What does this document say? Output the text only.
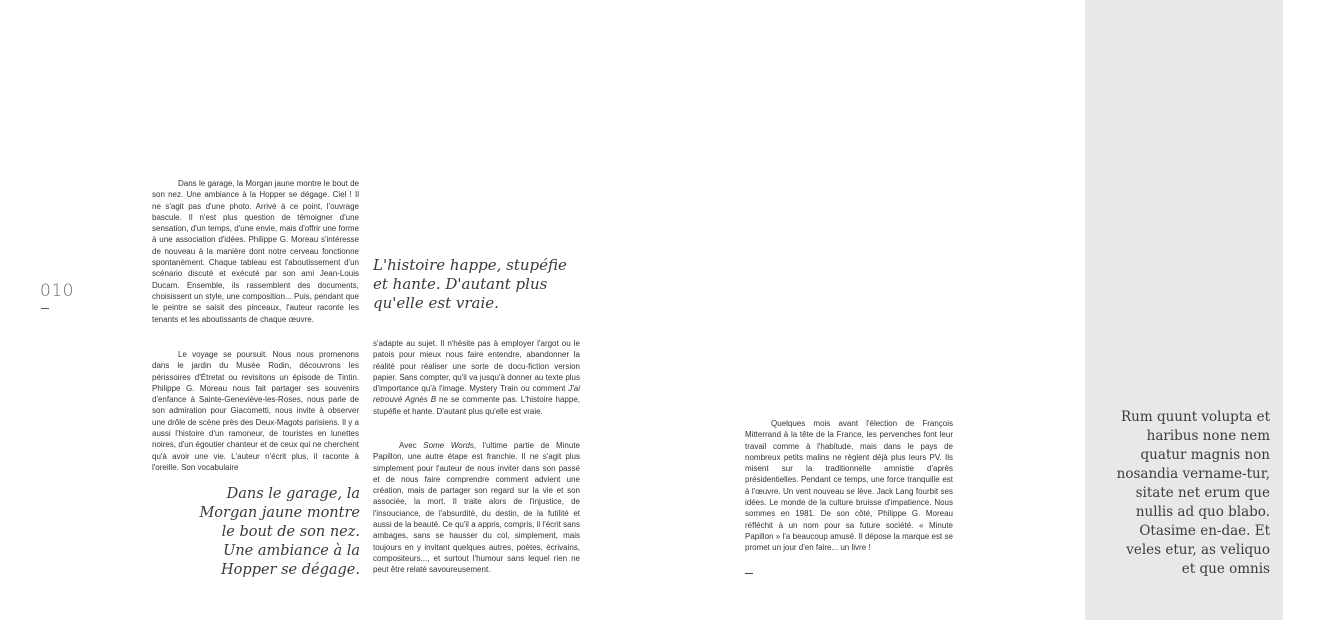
010

Dans le garage, la Morgan jaune montre le bout de son nez. Une ambiance à la Hopper se dégage. Ciel ! Il ne s'agit pas d'une photo. Arrivé à ce point, l'ouvrage bascule. Il n'est plus question de témoigner d'une sensation, d'un temps, d'une envie, mais d'offrir une forme à une association d'idées. Philippe G. Moreau s'intéresse de nouveau à la manière dont notre cerveau fonctionne spontanément. Chaque tableau est l'aboutissement d'un scénario discuté et exécuté par son ami Jean-Louis Ducam. Ensemble, ils rassemblent des documents, choisissent un style, une composition... Puis, pendant que le peintre se saisit des pinceaux, l'auteur raconte les tenants et les aboutissants de chaque œuvre.

Le voyage se poursuit. Nous nous promenons dans le jardin du Musée Rodin, découvrons les périssoires d'Étretat ou revisitons un épisode de Tintin. Philippe G. Moreau nous fait partager ses souvenirs d'enfance à Sainte-Geneviève-les-Roses, nous parle de son admiration pour Giacometti, nous invite à observer une drôle de scène près des Deux-Magots parisiens. Il y a aussi l'histoire d'un ramoneur, de touristes en lunettes noires, d'un égoutier chanteur et de ceux qui ne cherchent qu'à avoir une vie. L'auteur n'écrit plus, il raconte à l'oreille. Son vocabulaire

L'histoire happe, stupéfie et hante. D'autant plus qu'elle est vraie.

Dans le garage, la Morgan jaune montre le bout de son nez. Une ambiance à la Hopper se dégage.

s'adapte au sujet. Il n'hésite pas à employer l'argot ou le patois pour mieux nous faire entendre, abandonner la réalité pour réaliser une sorte de docu-fiction version papier. Sans compter, qu'il va jusqu'à donner au texte plus d'importance qu'à l'image. Mystery Train ou comment J'ai retrouvé Agnès B ne se commente pas. L'histoire happe, stupéfie et hante. D'autant plus qu'elle est vraie.

Avec Some Words, l'ultime partie de Minute Papillon, une autre étape est franchie. Il ne s'agit plus simplement pour l'auteur de nous inviter dans son passé et de nous faire comprendre comment advient une création, mais de partager son regard sur la vie et son associée, la mort. Il traite alors de l'injustice, de l'insouciance, de l'absurdité, du destin, de la futilité et aussi de la beauté. Ce qu'il a appris, compris, il l'écrit sans ambages, sans se hausser du col, simplement, mais toujours en y invitant quelques autres, poètes, écrivains, compositeurs..., et surtout l'humour sans lequel rien ne peut être relaté savoureusement.

Quelques mois avant l'élection de François Mitterrand à la tête de la France, les pervenches font leur travail comme à l'habitude, mais dans le pays de nombreux petits malins ne règlent déjà plus leurs PV. Ils misent sur la traditionnelle amnistie d'après présidentielles. Pendant ce temps, une force tranquille est à l'œuvre. Un vent nouveau se lève. Jack Lang fourbit ses idées. Le monde de la culture bruisse d'impatience. Nous sommes en 1981. De son côté, Philippe G. Moreau réfléchit à un nom pour sa future société. « Minute Papillon » l'a beaucoup amusé. Il dépose la marque est se promet un jour d'en faire... un livre !

Rum quunt volupta et haribus none nem quatur magnis non nosandia vername-tur, sitate net erum que nullis ad quo blabo. Otasime en-dae. Et veles etur, as veliquo et que omnis
